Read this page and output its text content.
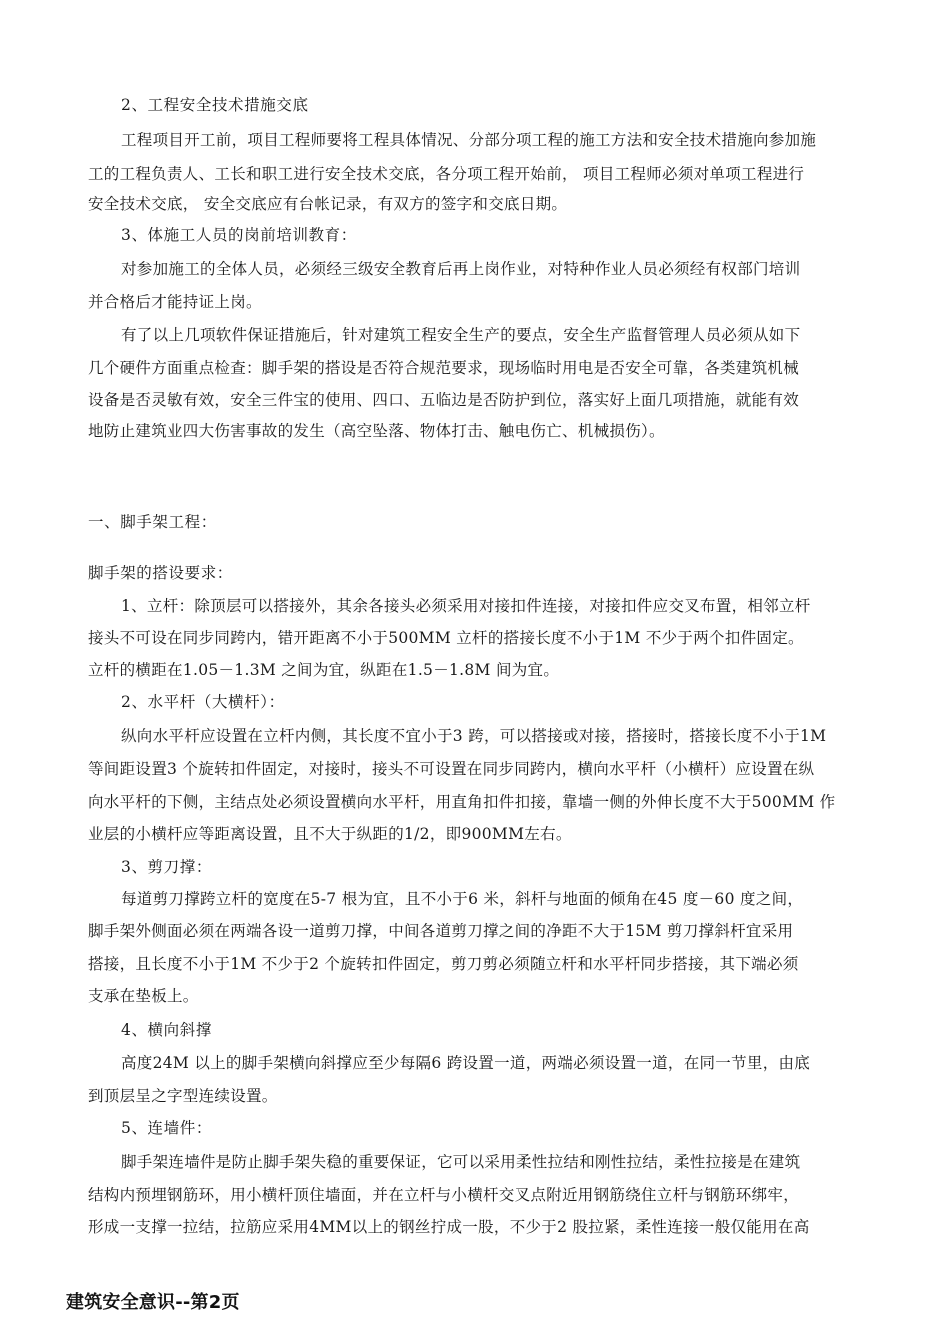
2、工程安全技术措施交底

工程项目开工前，项目工程师要将工程具体情况、分部分项工程的施工方法和安全技术措施向参加施

工的工程负责人、工长和职工进行安全技术交底，各分项工程开始前， 项目工程师必须对单项工程进行

安全技术交底， 安全交底应有台帐记录，有双方的签字和交底日期。

3、体施工人员的岗前培训教育：

对参加施工的全体人员，必须经三级安全教育后再上岗作业，对特种作业人员必须经有权部门培训

并合格后才能持证上岗。

有了以上几项软件保证措施后，针对建筑工程安全生产的要点，安全生产监督管理人员必须从如下

几个硬件方面重点检查：脚手架的搭设是否符合规范要求，现场临时用电是否安全可靠，各类建筑机械

设备是否灵敏有效，安全三件宝的使用、四口、五临边是否防护到位，落实好上面几项措施，就能有效

地防止建筑业四大伤害事故的发生（高空坠落、物体打击、触电伤亡、机械损伤）。

一、脚手架工程：

脚手架的搭设要求：

1、立杆：除顶层可以搭接外，其余各接头必须采用对接扣件连接，对接扣件应交叉布置，相邻立杆

接头不可设在同步同跨内，错开距离不小于500MM 立杆的搭接长度不小于1M 不少于两个扣件固定。

立杆的横距在1.05－1.3M 之间为宜，纵距在1.5－1.8M 间为宜。

2、水平杆（大横杆）：

纵向水平杆应设置在立杆内侧，其长度不宜小于3 跨，可以搭接或对接，搭接时，搭接长度不小于1M

等间距设置3 个旋转扣件固定，对接时，接头不可设置在同步同跨内，横向水平杆（小横杆）应设置在纵

向水平杆的下侧，主结点处必须设置横向水平杆，用直角扣件扣接，靠墙一侧的外伸长度不大于500MM 作

业层的小横杆应等距离设置，且不大于纵距的1/2，即900MM左右。

3、剪刀撑：

每道剪刀撑跨立杆的宽度在5-7 根为宜，且不小于6 米，斜杆与地面的倾角在45 度－60 度之间，

脚手架外侧面必须在两端各设一道剪刀撑，中间各道剪刀撑之间的净距不大于15M 剪刀撑斜杆宜采用

搭接，且长度不小于1M 不少于2 个旋转扣件固定，剪刀剪必须随立杆和水平杆同步搭接，其下端必须

支承在垫板上。

4、横向斜撑

高度24M 以上的脚手架横向斜撑应至少每隔6 跨设置一道，两端必须设置一道，在同一节里，由底

到顶层呈之字型连续设置。

5、连墙件：

脚手架连墙件是防止脚手架失稳的重要保证，它可以采用柔性拉结和刚性拉结，柔性拉接是在建筑

结构内预埋钢筋环，用小横杆顶住墙面，并在立杆与小横杆交叉点附近用钢筋绕住立杆与钢筋环绑牢，

形成一支撑一拉结，拉筋应采用4MM以上的钢丝拧成一股，不少于2 股拉紧，柔性连接一般仅能用在高

建筑安全意识--第2页
